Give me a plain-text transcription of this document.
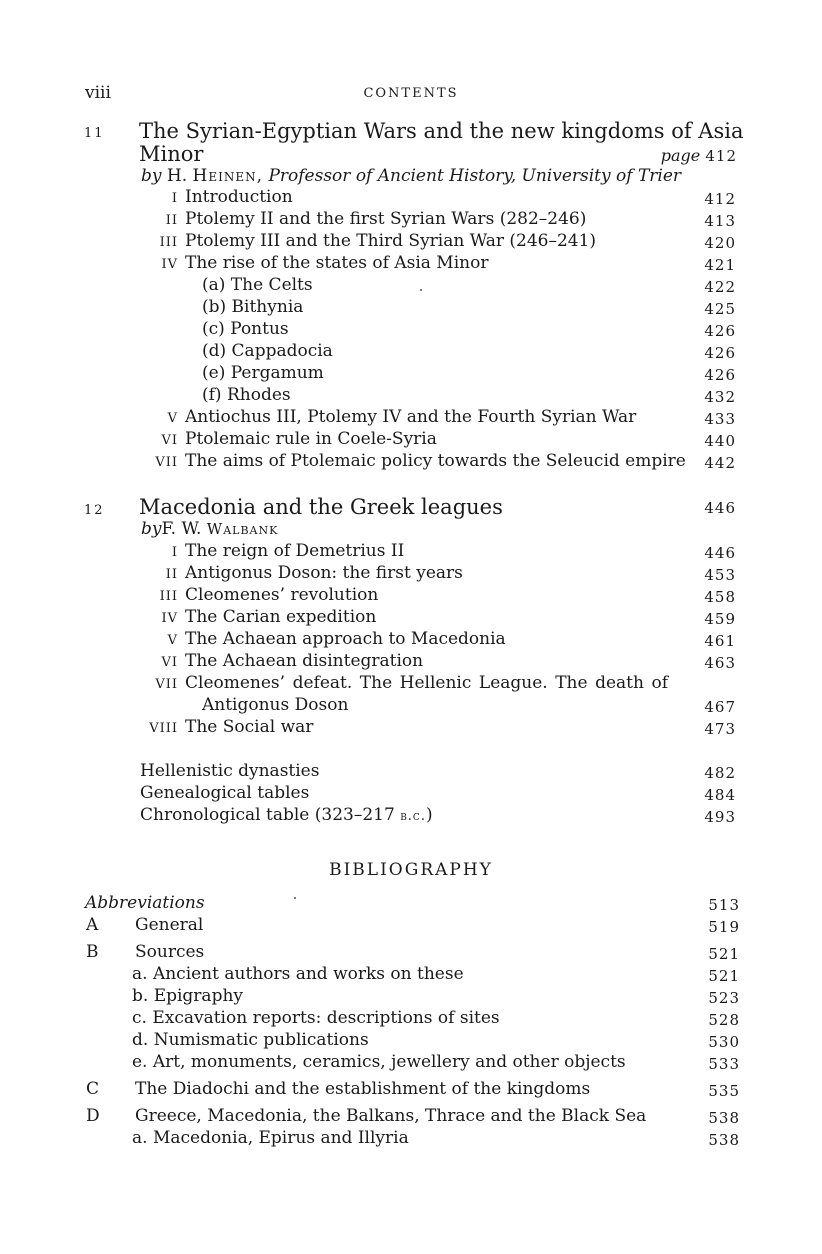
viii	CONTENTS
11 The Syrian-Egyptian Wars and the new kingdoms of Asia
Minor	page 412
by H. Heinen, Professor of Ancient History, University of Trier
I Introduction	412
II Ptolemy II and the first Syrian Wars (282–246)	413
III Ptolemy III and the Third Syrian War (246–241)	420
IV The rise of the states of Asia Minor	421
(a) The Celts	422
(b) Bithynia	425
(c) Pontus	426
(d) Cappadocia	426
(e) Pergamum	426
(f) Rhodes	432
V Antiochus III, Ptolemy IV and the Fourth Syrian War	433
VI Ptolemaic rule in Coele-Syria	440
VII The aims of Ptolemaic policy towards the Seleucid empire 442
12 Macedonia and the Greek leagues	446
byF. W. Walbank
I The reign of Demetrius II	446
II Antigonus Doson: the first years	453
III Cleomenes’ revolution	458
IV The Carian expedition	459
V The Achaean approach to Macedonia	461
VI The Achaean disintegration	463
VII Cleomenes’ defeat. The Hellenic League. The death of
Antigonus Doson	467
VIII The Social war	473
Hellenistic dynasties	482
Genealogical tables	484
Chronological table (323–217 b.c.)	493
BIBLIOGRAPHY
Abbreviations	513
A General	519
B Sources	521
a. Ancient authors and works on these	521
b. Epigraphy	523
c. Excavation reports: descriptions of sites	528
d. Numismatic publications	530
e. Art, monuments, ceramics, jewellery and other objects	533
C The Diadochi and the establishment of the kingdoms	535
D Greece, Macedonia, the Balkans, Thrace and the Black Sea	538
a. Macedonia, Epirus and Illyria	538
